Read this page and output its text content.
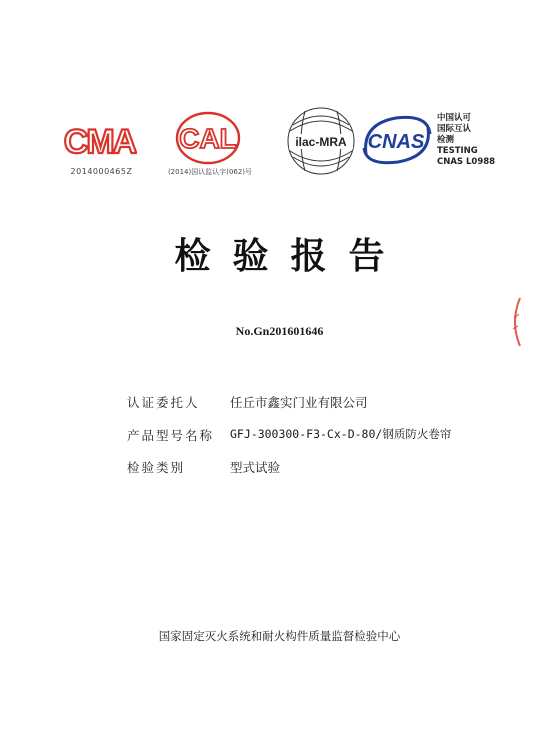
CMA
2014000465Z
CAL
(2014)国认监认字(062)号
ilac-MRA CNAS
中国认可
国际互认
检测
TESTING
CNAS L0988
检验报告
No.Gn201601646
认证委托人 任丘市鑫实门业有限公司
产品型号名称 GFJ-300300-F3-Cx-D-80/钢质防火卷帘
检验类别	型式试验
国家固定灭火系统和耐火构件质量监督检验中心
